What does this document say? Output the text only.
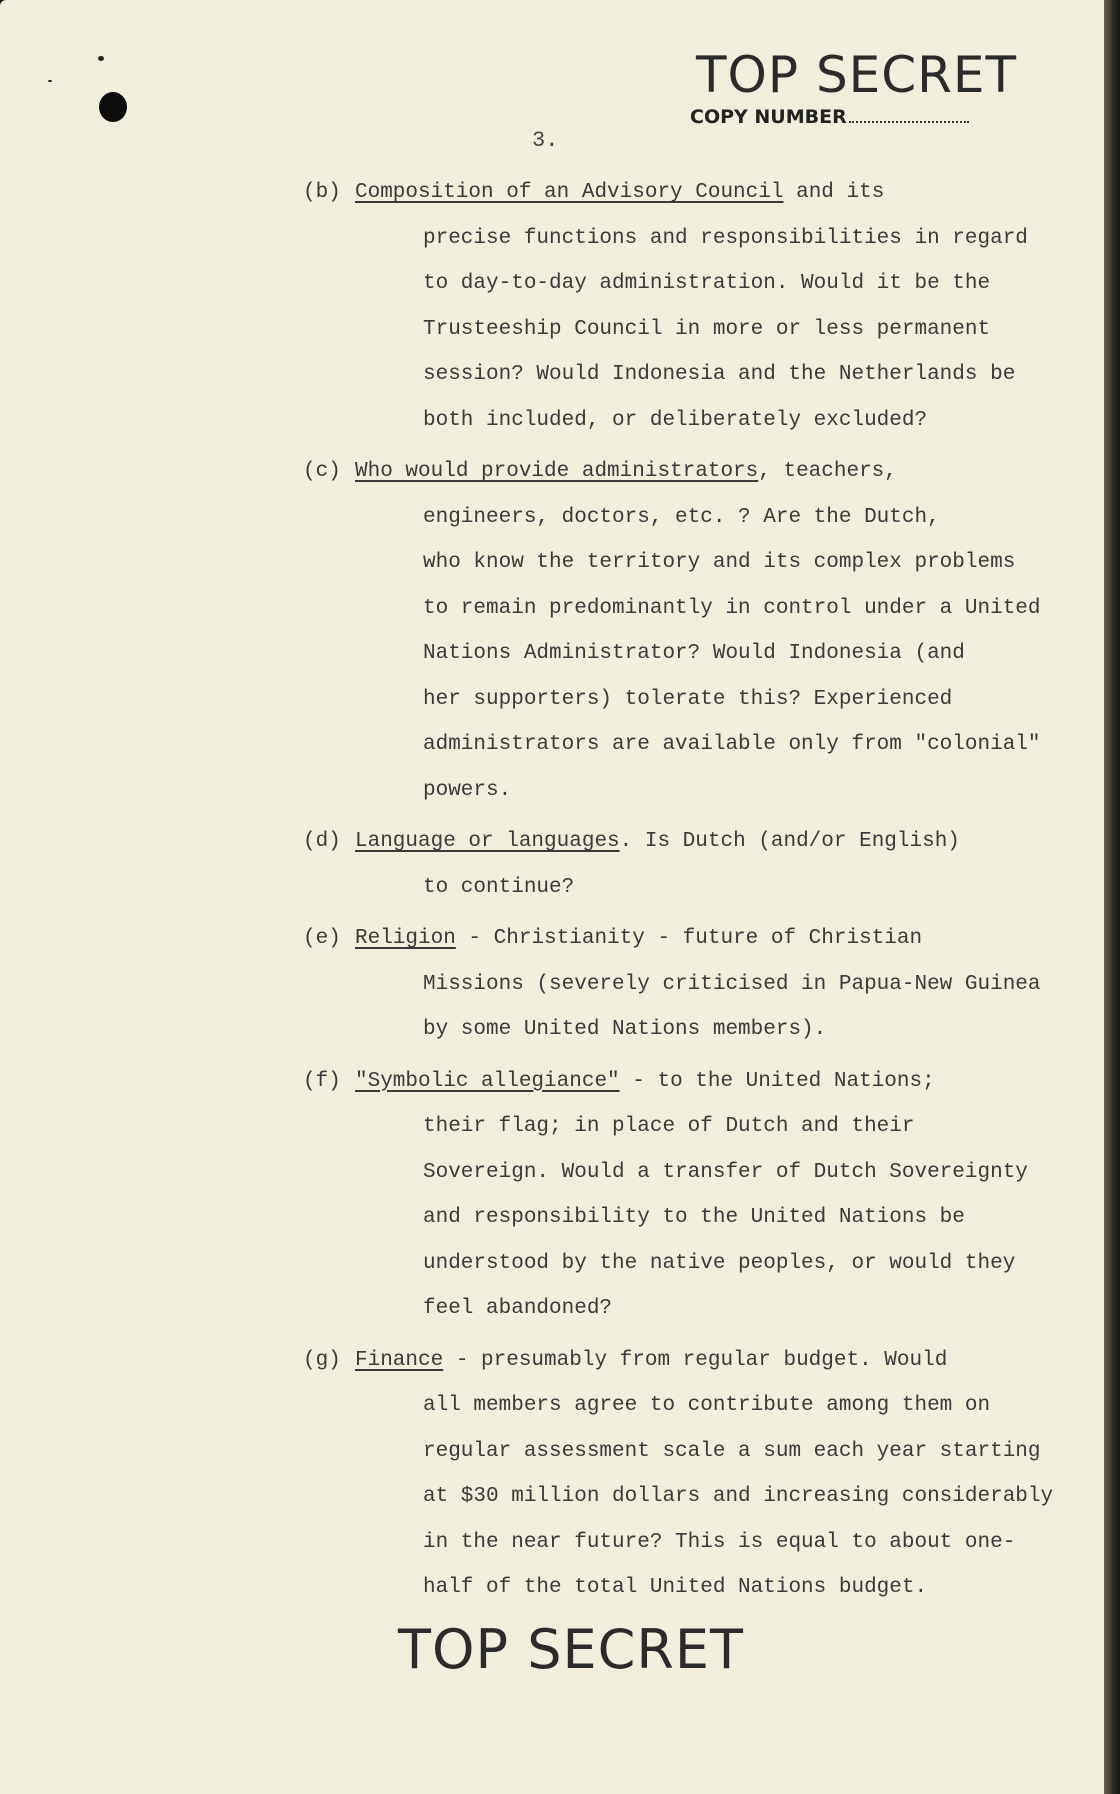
TOP SECRET
COPY NUMBER
3.
(b) Composition of an Advisory Council and its
precise functions and responsibilities in regard
to day-to-day administration. Would it be the
Trusteeship Council in more or less permanent
session? Would Indonesia and the Netherlands be
both included, or deliberately excluded?
(c) Who would provide administrators, teachers,
engineers, doctors, etc. ? Are the Dutch,
who know the territory and its complex problems
to remain predominantly in control under a United
Nations Administrator? Would Indonesia (and
her supporters) tolerate this? Experienced
administrators are available only from "colonial"
powers.
(d) Language or languages. Is Dutch (and/or English)
to continue?
(e) Religion - Christianity - future of Christian
Missions (severely criticised in Papua-New Guinea
by some United Nations members).
(f) "Symbolic allegiance" - to the United Nations;
their flag; in place of Dutch and their
Sovereign. Would a transfer of Dutch Sovereignty
and responsibility to the United Nations be
understood by the native peoples, or would they
feel abandoned?
(g) Finance - presumably from regular budget. Would
all members agree to contribute among them on
regular assessment scale a sum each year starting
at $30 million dollars and increasing considerably
in the near future? This is equal to about one-
half of the total United Nations budget.
TOP SECRET
